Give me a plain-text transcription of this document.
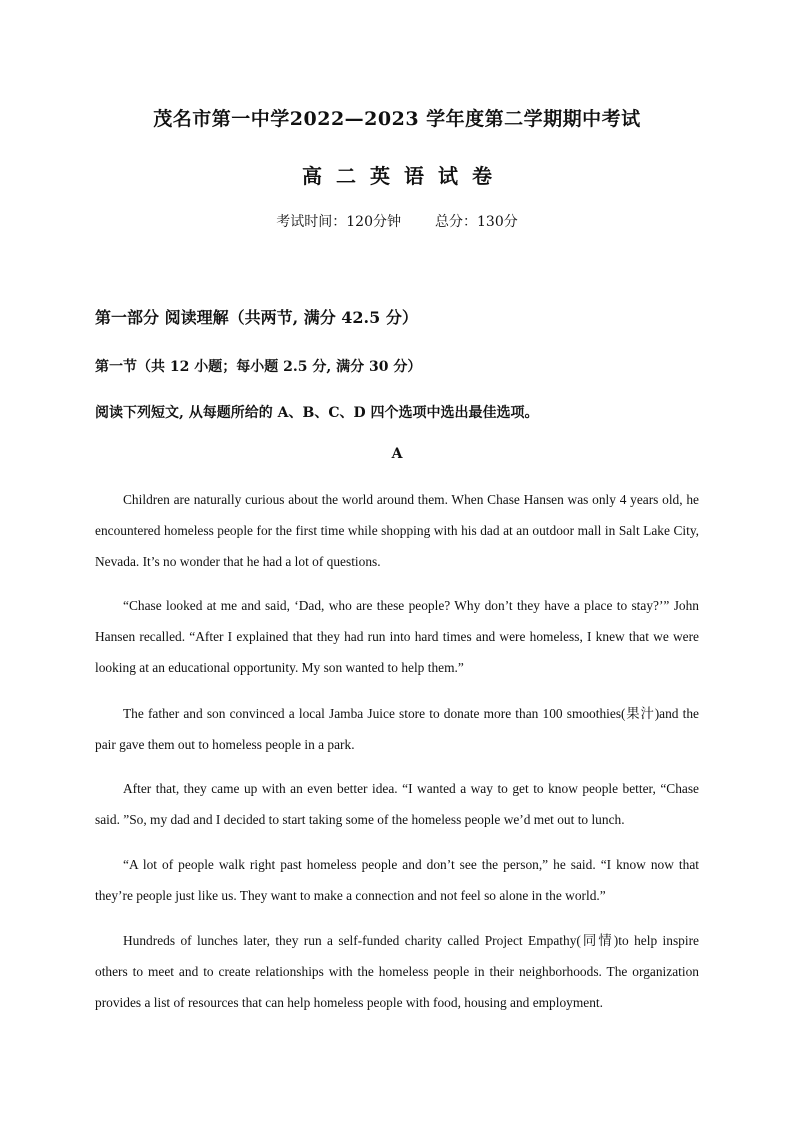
茂名市第一中学2022—2023 学年度第二学期期中考试
高二英语试卷
考试时间：120分钟 总分：130分
第一部分 阅读理解（共两节, 满分 42.5 分）
第一节（共 12 小题；每小题 2.5 分, 满分 30 分）
阅读下列短文, 从每题所给的 A、B、C、D 四个选项中选出最佳选项。
A

Children are naturally curious about the world around them. When Chase Hansen was only 4 years old, he encountered homeless people for the first time while shopping with his dad at an outdoor mall in Salt Lake City, Nevada. It’s no wonder that he had a lot of questions.

“Chase looked at me and said, ‘Dad, who are these people? Why don’t they have a place to stay?’” John Hansen recalled. “After I explained that they had run into hard times and were homeless, I knew that we were looking at an educational opportunity. My son wanted to help them.”

The father and son convinced a local Jamba Juice store to donate more than 100 smoothies(果汁)and the pair gave them out to homeless people in a park.

After that, they came up with an even better idea. “I wanted a way to get to know people better, “Chase said. ”So, my dad and I decided to start taking some of the homeless people we’d met out to lunch.

“A lot of people walk right past homeless people and don’t see the person,” he said. “I know now that they’re people just like us. They want to make a connection and not feel so alone in the world.”

Hundreds of lunches later, they run a self-funded charity called Project Empathy(同情)to help inspire others to meet and to create relationships with the homeless people in their neighborhoods. The organization provides a list of resources that can help homeless people with food, housing and employment.
